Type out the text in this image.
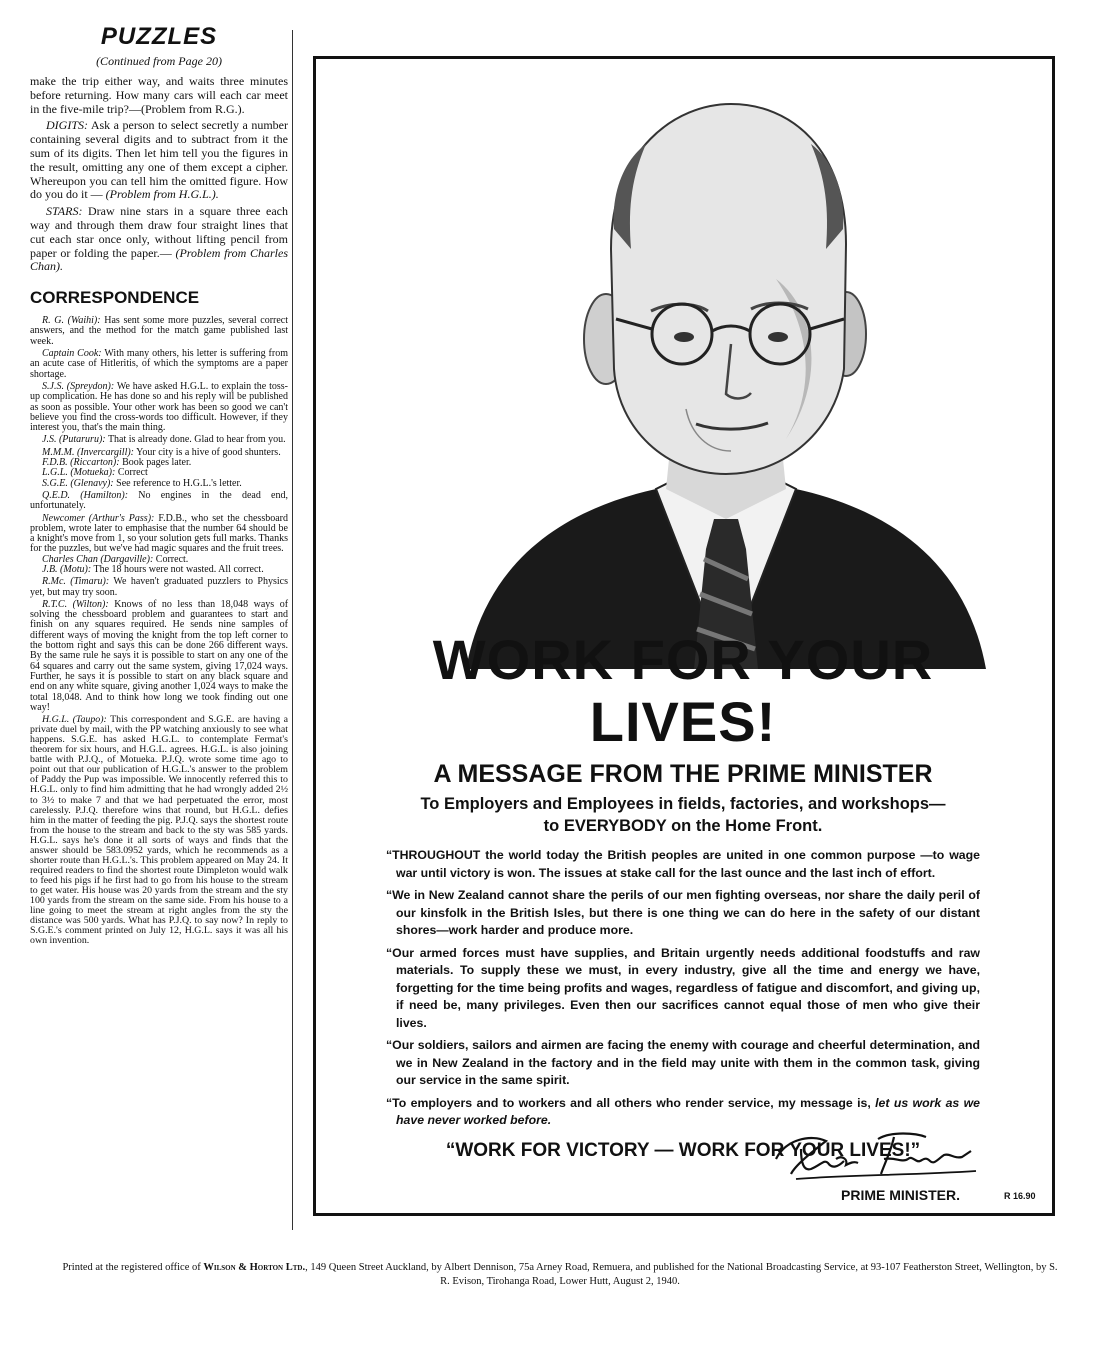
PUZZLES

(Continued from Page 20)

make the trip either way, and waits three minutes before returning. How many cars will each car meet in the five-mile trip?—(Problem from R.G.).

DIGITS: Ask a person to select secretly a number containing several digits and to subtract from it the sum of its digits. Then let him tell you the figures in the result, omitting any one of them except a cipher. Whereupon you can tell him the omitted figure. How do you do it — (Problem from H.G.L.).

STARS: Draw nine stars in a square three each way and through them draw four straight lines that cut each star once only, without lifting pencil from paper or folding the paper.— (Problem from Charles Chan).

CORRESPONDENCE

R. G. (Waihi): Has sent some more puzzles, several correct answers, and the method for the match game published last week.

Captain Cook: With many others, his letter is suffering from an acute case of Hitleritis, of which the symptoms are a paper shortage.

S.J.S. (Spreydon): We have asked H.G.L. to explain the toss-up complication. He has done so and his reply will be published as soon as possible. Your other work has been so good we can't believe you find the cross-words too difficult. However, if they interest you, that's the main thing.

J.S. (Putaruru): That is already done. Glad to hear from you.

M.M.M. (Invercargill): Your city is a hive of good shunters.

F.D.B. (Riccarton): Book pages later.

L.G.L. (Motueka): Correct

S.G.E. (Glenavy): See reference to H.G.L.'s letter.

Q.E.D. (Hamilton): No engines in the dead end, unfortunately.

Newcomer (Arthur's Pass): F.D.B., who set the chessboard problem, wrote later to emphasise that the number 64 should be a knight's move from 1, so your solution gets full marks. Thanks for the puzzles, but we've had magic squares and the fruit trees.

Charles Chan (Dargaville): Correct.

J.B. (Motu): The 18 hours were not wasted. All correct.

R.Mc. (Timaru): We haven't graduated puzzlers to Physics yet, but may try soon.

R.T.C. (Wilton): Knows of no less than 18,048 ways of solving the chessboard problem and guarantees to start and finish on any squares required. He sends nine samples of different ways of moving the knight from the top left corner to the bottom right and says this can be done 266 different ways. By the same rule he says it is possible to start on any one of the 64 squares and carry out the same system, giving 17,024 ways. Further, he says it is possible to start on any black square and end on any white square, giving another 1,024 ways to make the total 18,048. And to think how long we took finding out one way!

H.G.L. (Taupo): This correspondent and S.G.E. are having a private duel by mail, with the PP watching anxiously to see what happens. S.G.E. has asked H.G.L. to contemplate Fermat's theorem for six hours, and H.G.L. agrees. H.G.L. is also joining battle with P.J.Q., of Motueka. P.J.Q. wrote some time ago to point out that our publication of H.G.L.'s answer to the problem of Paddy the Pup was impossible. We innocently referred this to H.G.L. only to find him admitting that he had wrongly added 2½ to 3½ to make 7 and that we had perpetuated the error, most carelessly. P.J.Q. therefore wins that round, but H.G.L. defies him in the matter of feeding the pig. P.J.Q. says the shortest route from the house to the stream and back to the sty was 585 yards. H.G.L. says he's done it all sorts of ways and finds that the answer should be 583.0952 yards, which he recommends as a shorter route than H.G.L.'s. This problem appeared on May 24. It required readers to find the shortest route Dimpleton would walk to feed his pigs if he first had to go from his house to the stream to get water. His house was 20 yards from the stream and the sty 100 yards from the stream on the same side. From his house to a line going to meet the stream at right angles from the sty the distance was 500 yards. What has P.J.Q. to say now? In reply to S.G.E.'s comment printed on July 12, H.G.L. says it was all his own invention.

WORK FOR YOUR LIVES!
A MESSAGE FROM THE PRIME MINISTER

To Employers and Employees in fields, factories, and workshops—

to EVERYBODY on the Home Front.

“THROUGHOUT the world today the British peoples are united in one common purpose —to wage war until victory is won. The issues at stake call for the last ounce and the last inch of effort.

“We in New Zealand cannot share the perils of our men fighting overseas, nor share the daily peril of our kinsfolk in the British Isles, but there is one thing we can do here in the safety of our distant shores—work harder and produce more.

“Our armed forces must have supplies, and Britain urgently needs additional foodstuffs and raw materials. To supply these we must, in every industry, give all the time and energy we have, forgetting for the time being profits and wages, regardless of fatigue and discomfort, and giving up, if need be, many privileges. Even then our sacrifices cannot equal those of men who give their lives.

“Our soldiers, sailors and airmen are facing the enemy with courage and cheerful determination, and we in New Zealand in the factory and in the field may unite with them in the common task, giving our service in the same spirit.

“To employers and to workers and all others who render service, my message is, let us work as we have never worked before.

“WORK FOR VICTORY — WORK FOR YOUR LIVES!”

PRIME MINISTER.	R 16.90

Printed at the registered office of Wilson & Horton Ltd., 149 Queen Street Auckland, by Albert Dennison, 75a Arney Road, Remuera, and published for the National Broadcasting Service, at 93-107 Featherston Street, Wellington, by S. R. Evison, Tirohanga Road, Lower Hutt, August 2, 1940.
